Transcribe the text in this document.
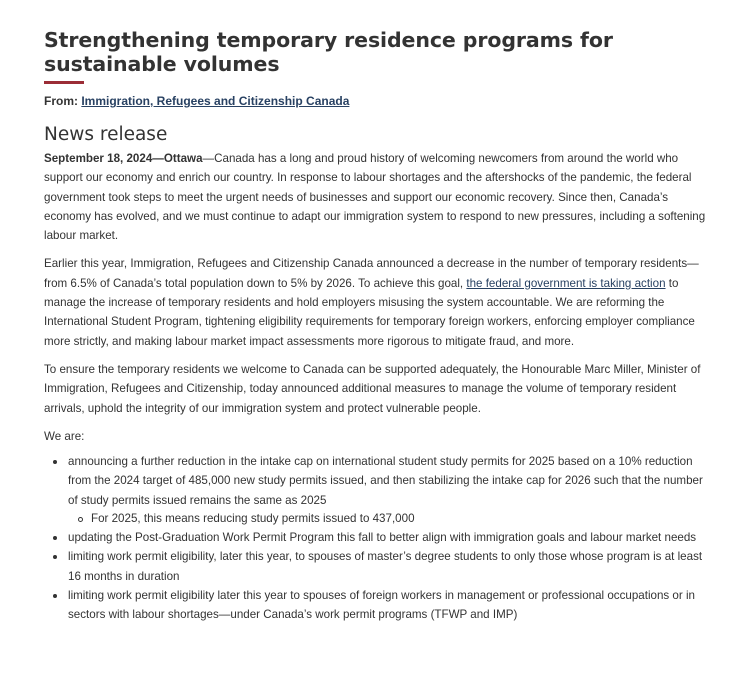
Strengthening temporary residence programs for sustainable volumes
From: Immigration, Refugees and Citizenship Canada
News release

September 18, 2024—Ottawa—Canada has a long and proud history of welcoming newcomers from around the world who support our economy and enrich our country. In response to labour shortages and the aftershocks of the pandemic, the federal government took steps to meet the urgent needs of businesses and support our economic recovery. Since then, Canada’s economy has evolved, and we must continue to adapt our immigration system to respond to new pressures, including a softening labour market.

Earlier this year, Immigration, Refugees and Citizenship Canada announced a decrease in the number of temporary residents—from 6.5% of Canada’s total population down to 5% by 2026. To achieve this goal, the federal government is taking action to manage the increase of temporary residents and hold employers misusing the system accountable. We are reforming the International Student Program, tightening eligibility requirements for temporary foreign workers, enforcing employer compliance more strictly, and making labour market impact assessments more rigorous to mitigate fraud, and more.

To ensure the temporary residents we welcome to Canada can be supported adequately, the Honourable Marc Miller, Minister of Immigration, Refugees and Citizenship, today announced additional measures to manage the volume of temporary resident arrivals, uphold the integrity of our immigration system and protect vulnerable people.

We are:

announcing a further reduction in the intake cap on international student study permits for 2025 based on a 10% reduction from the 2024 target of 485,000 new study permits issued, and then stabilizing the intake cap for 2026 such that the number of study permits issued remains the same as 2025
For 2025, this means reducing study permits issued to 437,000
updating the Post-Graduation Work Permit Program this fall to better align with immigration goals and labour market needs
limiting work permit eligibility, later this year, to spouses of master’s degree students to only those whose program is at least 16 months in duration
limiting work permit eligibility later this year to spouses of foreign workers in management or professional occupations or in sectors with labour shortages—under Canada’s work permit programs (TFWP and IMP)
